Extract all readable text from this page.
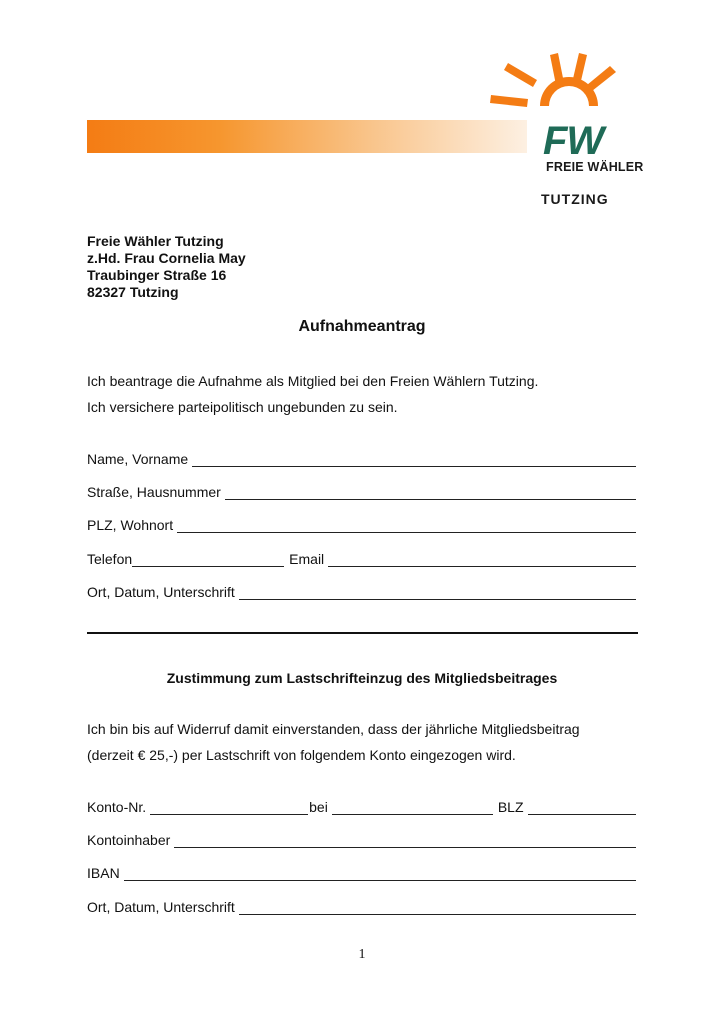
FW
FREIE WÄHLER
TUTZING
Freie Wähler Tutzing
z.Hd. Frau Cornelia May
Traubinger Straße 16
82327 Tutzing
Aufnahmeantrag
Ich beantrage die Aufnahme als Mitglied bei den Freien Wählern Tutzing.
Ich versichere parteipolitisch ungebunden zu sein.
Name, Vorname
Straße, Hausnummer
PLZ, Wohnort
Telefon	Email
Ort, Datum, Unterschrift
Zustimmung zum Lastschrifteinzug des Mitgliedsbeitrages
Ich bin bis auf Widerruf damit einverstanden, dass der jährliche Mitgliedsbeitrag
(derzeit € 25,-) per Lastschrift von folgendem Konto eingezogen wird.
Konto-Nr.	bei	BLZ
Kontoinhaber
IBAN
Ort, Datum, Unterschrift
1
